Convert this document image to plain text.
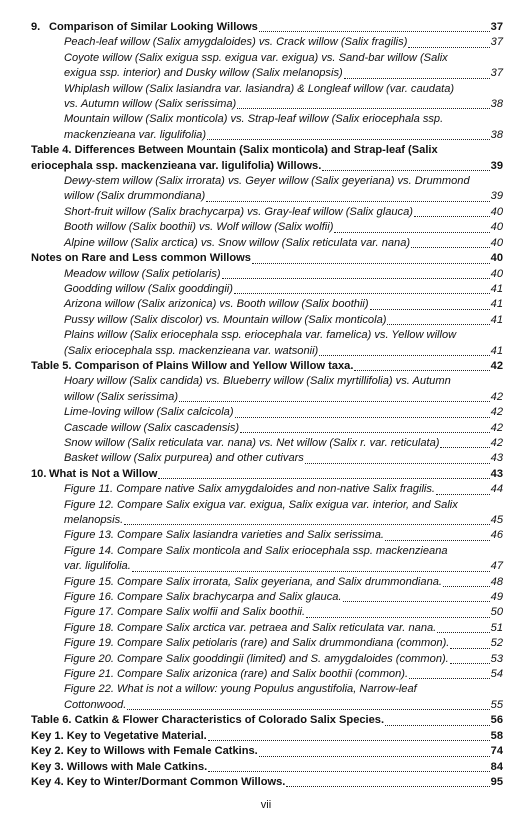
9. Comparison of Similar Looking Willows	37
Peach-leaf willow (Salix amygdaloides) vs. Crack willow (Salix fragilis)	37
Coyote willow (Salix exigua ssp. exigua var. exigua) vs. Sand-bar willow (Salix
exigua ssp. interior) and Dusky willow (Salix melanopsis)	37
Whiplash willow (Salix lasiandra var. lasiandra) & Longleaf willow (var. caudata)
vs. Autumn willow (Salix serissima)	38
Mountain willow (Salix monticola) vs. Strap-leaf willow (Salix eriocephala ssp.
mackenzieana var. ligulifolia)	38
Table 4. Differences Between Mountain (Salix monticola) and Strap-leaf (Salix
eriocephala ssp. mackenzieana var. ligulifolia) Willows.	39
Dewy-stem willow (Salix irrorata) vs. Geyer willow (Salix geyeriana) vs. Drummond
willow (Salix drummondiana)	39
Short-fruit willow (Salix brachycarpa) vs. Gray-leaf willow (Salix glauca)	40
Booth willow (Salix boothii) vs. Wolf willow (Salix wolfii)	40
Alpine willow (Salix arctica) vs. Snow willow (Salix reticulata var. nana)	40
Notes on Rare and Less common Willows	40
Meadow willow (Salix petiolaris)	40
Goodding willow (Salix gooddingii)	41
Arizona willow (Salix arizonica) vs. Booth willow (Salix boothii)	41
Pussy willow (Salix discolor) vs. Mountain willow (Salix monticola)	41
Plains willow (Salix eriocephala ssp. eriocephala var. famelica) vs. Yellow willow
(Salix eriocephala ssp. mackenzieana var. watsonii)	41
Table 5. Comparison of Plains Willow and Yellow Willow taxa.	42
Hoary willow (Salix candida) vs. Blueberry willow (Salix myrtillifolia) vs. Autumn
willow (Salix serissima)	42
Lime-loving willow (Salix calcicola)	42
Cascade willow (Salix cascadensis)	42
Snow willow (Salix reticulata var. nana) vs. Net willow (Salix r. var. reticulata)	42
Basket willow (Salix purpurea) and other cutivars	43
10. What is Not a Willow	43
Figure 11. Compare native Salix amygdaloides and non-native Salix fragilis.	44
Figure 12. Compare Salix exigua var. exigua, Salix exigua var. interior, and Salix
melanopsis.	45
Figure 13. Compare Salix lasiandra varieties and Salix serissima.	46
Figure 14. Compare Salix monticola and Salix eriocephala ssp. mackenzieana
var. ligulifolia.	47
Figure 15. Compare Salix irrorata, Salix geyeriana, and Salix drummondiana.	48
Figure 16. Compare Salix brachycarpa and Salix glauca.	49
Figure 17. Compare Salix wolfii and Salix boothii.	50
Figure 18. Compare Salix arctica var. petraea and Salix reticulata var. nana.	51
Figure 19. Compare Salix petiolaris (rare) and Salix drummondiana (common).	52
Figure 20. Compare Salix gooddingii (limited) and S. amygdaloides (common).	53
Figure 21. Compare Salix arizonica (rare) and Salix boothii (common).	54
Figure 22. What is not a willow: young Populus angustifolia, Narrow-leaf
Cottonwood.	55
Table 6. Catkin & Flower Characteristics of Colorado Salix Species.	56
Key 1. Key to Vegetative Material.	58
Key 2. Key to Willows with Female Catkins.	74
Key 3. Willows with Male Catkins.	84
Key 4. Key to Winter/Dormant Common Willows.	95
vii
